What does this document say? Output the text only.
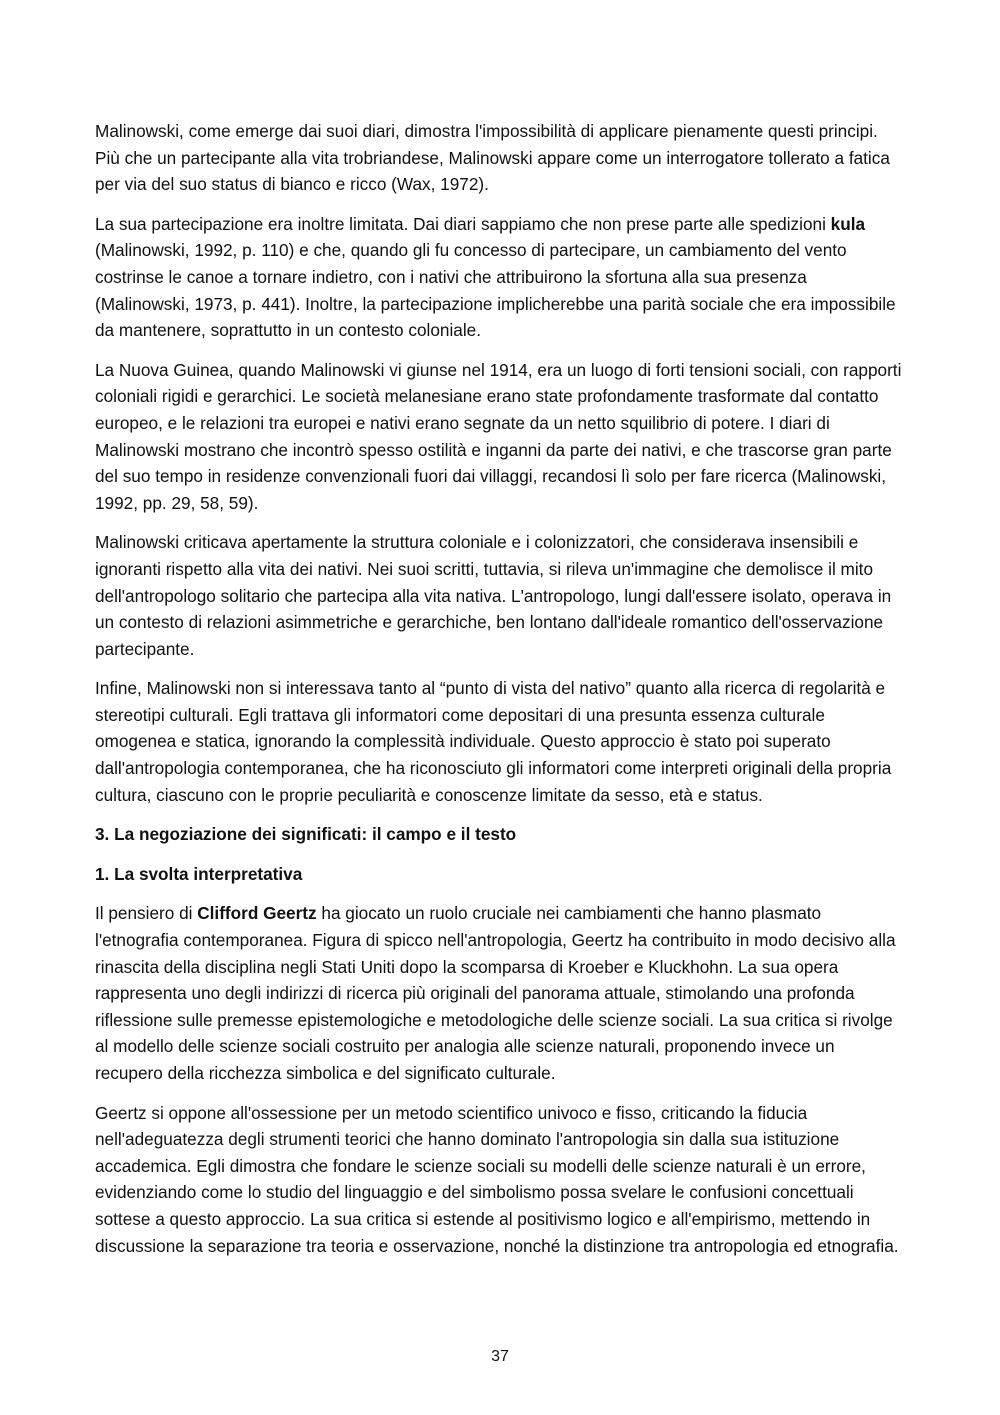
Malinowski, come emerge dai suoi diari, dimostra l'impossibilità di applicare pienamente questi principi. Più che un partecipante alla vita trobriandese, Malinowski appare come un interrogatore tollerato a fatica per via del suo status di bianco e ricco (Wax, 1972).

La sua partecipazione era inoltre limitata. Dai diari sappiamo che non prese parte alle spedizioni kula (Malinowski, 1992, p. 110) e che, quando gli fu concesso di partecipare, un cambiamento del vento costrinse le canoe a tornare indietro, con i nativi che attribuirono la sfortuna alla sua presenza (Malinowski, 1973, p. 441). Inoltre, la partecipazione implicherebbe una parità sociale che era impossibile da mantenere, soprattutto in un contesto coloniale.

La Nuova Guinea, quando Malinowski vi giunse nel 1914, era un luogo di forti tensioni sociali, con rapporti coloniali rigidi e gerarchici. Le società melanesiane erano state profondamente trasformate dal contatto europeo, e le relazioni tra europei e nativi erano segnate da un netto squilibrio di potere. I diari di Malinowski mostrano che incontrò spesso ostilità e inganni da parte dei nativi, e che trascorse gran parte del suo tempo in residenze convenzionali fuori dai villaggi, recandosi lì solo per fare ricerca (Malinowski, 1992, pp. 29, 58, 59).

Malinowski criticava apertamente la struttura coloniale e i colonizzatori, che considerava insensibili e ignoranti rispetto alla vita dei nativi. Nei suoi scritti, tuttavia, si rileva un'immagine che demolisce il mito dell'antropologo solitario che partecipa alla vita nativa. L'antropologo, lungi dall'essere isolato, operava in un contesto di relazioni asimmetriche e gerarchiche, ben lontano dall'ideale romantico dell'osservazione partecipante.

Infine, Malinowski non si interessava tanto al “punto di vista del nativo” quanto alla ricerca di regolarità e stereotipi culturali. Egli trattava gli informatori come depositari di una presunta essenza culturale omogenea e statica, ignorando la complessità individuale. Questo approccio è stato poi superato dall'antropologia contemporanea, che ha riconosciuto gli informatori come interpreti originali della propria cultura, ciascuno con le proprie peculiarità e conoscenze limitate da sesso, età e status.

3. La negoziazione dei significati: il campo e il testo

1. La svolta interpretativa

Il pensiero di Clifford Geertz ha giocato un ruolo cruciale nei cambiamenti che hanno plasmato l'etnografia contemporanea. Figura di spicco nell'antropologia, Geertz ha contribuito in modo decisivo alla rinascita della disciplina negli Stati Uniti dopo la scomparsa di Kroeber e Kluckhohn. La sua opera rappresenta uno degli indirizzi di ricerca più originali del panorama attuale, stimolando una profonda riflessione sulle premesse epistemologiche e metodologiche delle scienze sociali. La sua critica si rivolge al modello delle scienze sociali costruito per analogia alle scienze naturali, proponendo invece un recupero della ricchezza simbolica e del significato culturale.

Geertz si oppone all'ossessione per un metodo scientifico univoco e fisso, criticando la fiducia nell'adeguatezza degli strumenti teorici che hanno dominato l'antropologia sin dalla sua istituzione accademica. Egli dimostra che fondare le scienze sociali su modelli delle scienze naturali è un errore, evidenziando come lo studio del linguaggio e del simbolismo possa svelare le confusioni concettuali sottese a questo approccio. La sua critica si estende al positivismo logico e all'empirismo, mettendo in discussione la separazione tra teoria e osservazione, nonché la distinzione tra antropologia ed etnografia.

37
